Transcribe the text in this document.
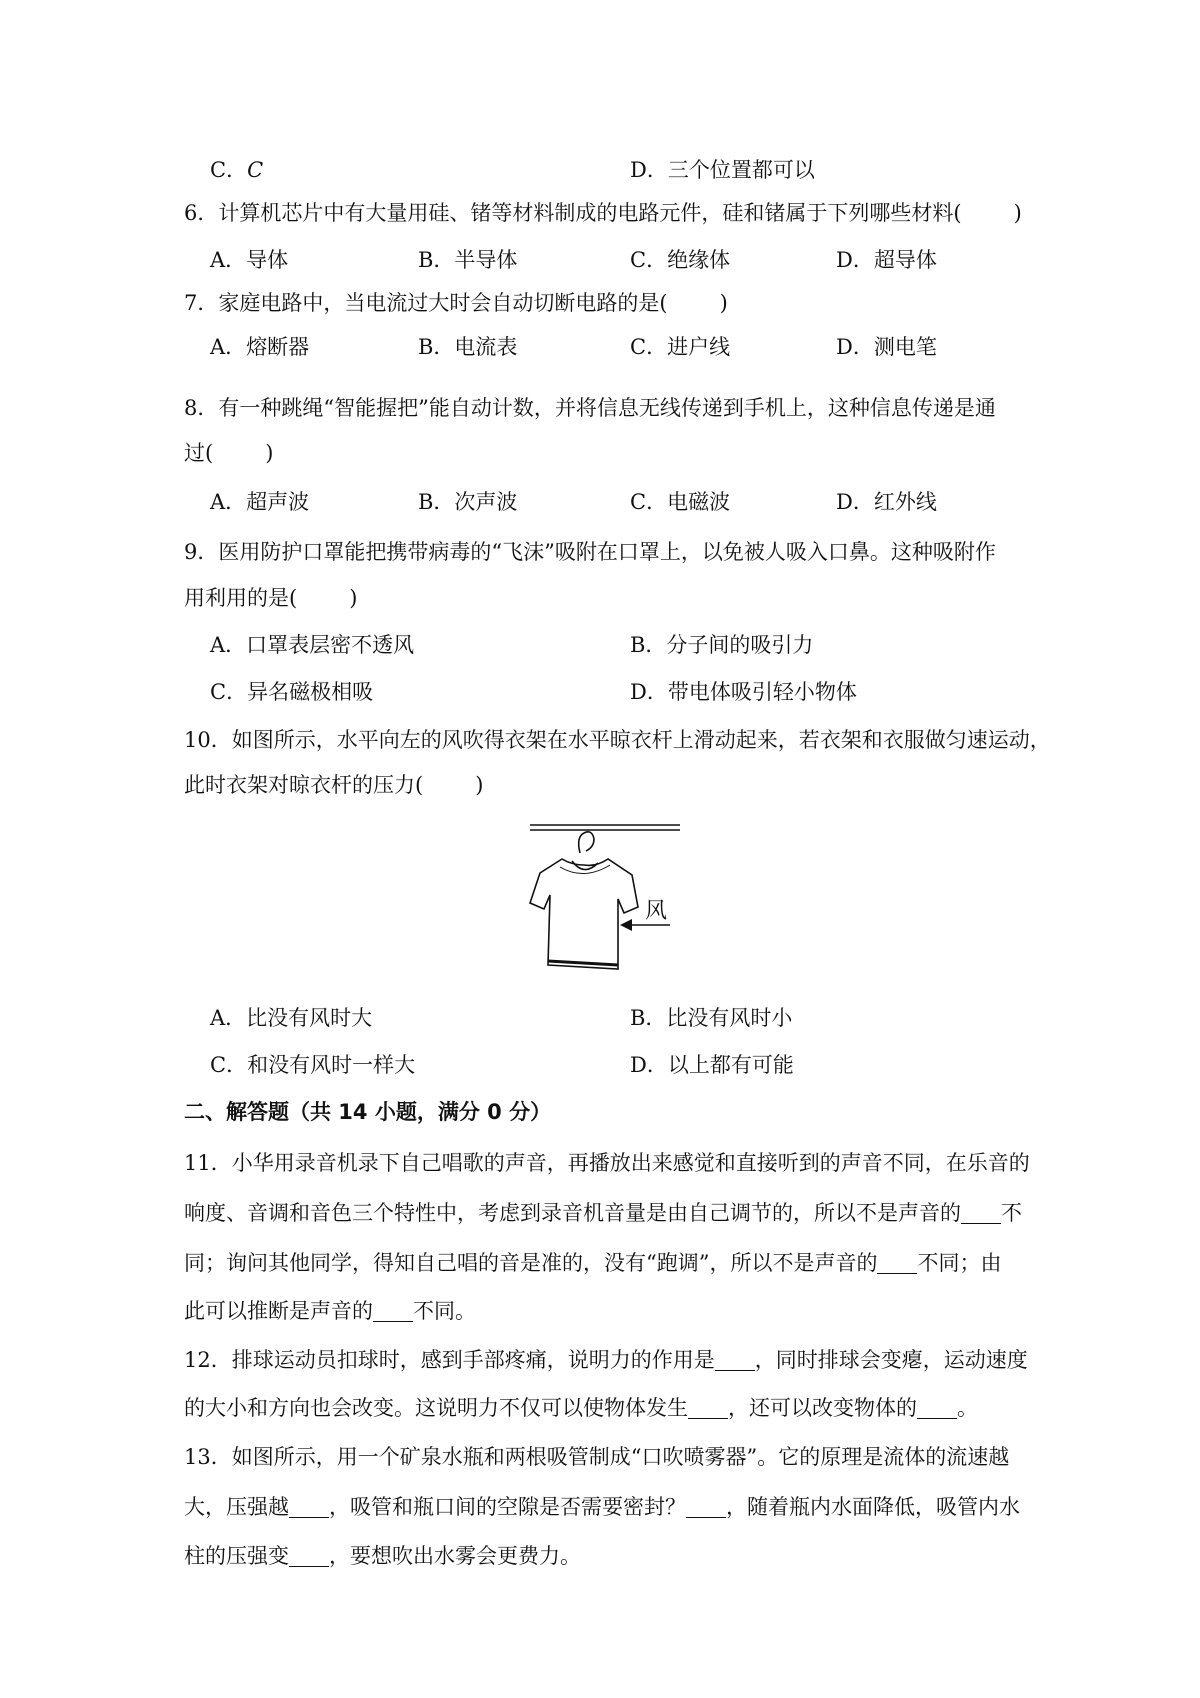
C．C	D．三个位置都可以
6．计算机芯片中有大量用硅、锗等材料制成的电路元件，硅和锗属于下列哪些材料( )
A．导体	B．半导体	C．绝缘体	D．超导体
7．家庭电路中，当电流过大时会自动切断电路的是( )
A．熔断器	B．电流表	C．进户线	D．测电笔
8．有一种跳绳“智能握把”能自动计数，并将信息无线传递到手机上，这种信息传递是通
过( )
A．超声波	B．次声波	C．电磁波	D．红外线
9．医用防护口罩能把携带病毒的“飞沫”吸附在口罩上，以免被人吸入口鼻。这种吸附作
用利用的是( )
A．口罩表层密不透风	B．分子间的吸引力
C．异名磁极相吸	D．带电体吸引轻小物体
10．如图所示，水平向左的风吹得衣架在水平晾衣杆上滑动起来，若衣架和衣服做匀速运动，
此时衣架对晾衣杆的压力( )
风
A．比没有风时大	B．比没有风时小
C．和没有风时一样大	D．以上都有可能
二、解答题（共 14 小题，满分 0 分）
11．小华用录音机录下自己唱歌的声音，再播放出来感觉和直接听到的声音不同，在乐音的
响度、音调和音色三个特性中，考虑到录音机音量是由自己调节的，所以不是声音的 不
同；询问其他同学，得知自己唱的音是准的，没有“跑调”，所以不是声音的 不同；由
此可以推断是声音的 不同。
12．排球运动员扣球时，感到手部疼痛，说明力的作用是 ，同时排球会变瘪，运动速度
的大小和方向也会改变。这说明力不仅可以使物体发生 ，还可以改变物体的 。
13．如图所示，用一个矿泉水瓶和两根吸管制成“口吹喷雾器”。它的原理是流体的流速越
大，压强越 ，吸管和瓶口间的空隙是否需要密封？ ，随着瓶内水面降低，吸管内水
柱的压强变 ，要想吹出水雾会更费力。
